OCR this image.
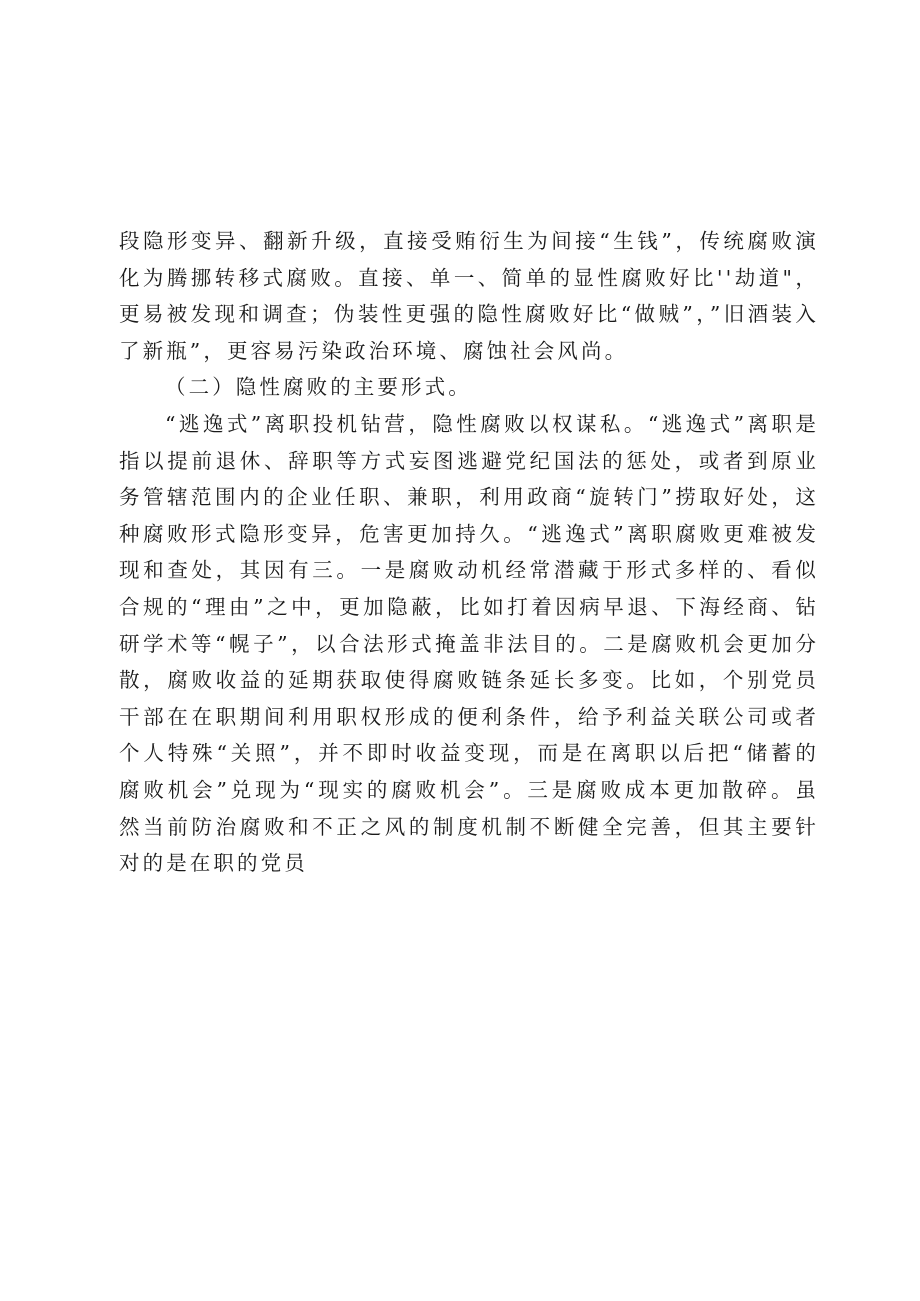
段隐形变异、翻新升级，直接受贿衍生为间接“生钱”，传统腐败演化为腾挪转移式腐败。直接、单一、简单的显性腐败好比''劫道"，更易被发现和调查；伪装性更强的隐性腐败好比“做贼”，”旧酒装入了新瓶”，更容易污染政治环境、腐蚀社会风尚。

（二）隐性腐败的主要形式。

“逃逸式”离职投机钻营，隐性腐败以权谋私。“逃逸式”离职是指以提前退休、辞职等方式妄图逃避党纪国法的惩处，或者到原业务管辖范围内的企业任职、兼职，利用政商“旋转门”捞取好处，这种腐败形式隐形变异，危害更加持久。“逃逸式”离职腐败更难被发现和查处，其因有三。一是腐败动机经常潜藏于形式多样的、看似合规的“理由”之中，更加隐蔽，比如打着因病早退、下海经商、钻研学术等“幌子”，以合法形式掩盖非法目的。二是腐败机会更加分散，腐败收益的延期获取使得腐败链条延长多变。比如，个别党员干部在在职期间利用职权形成的便利条件，给予利益关联公司或者个人特殊“关照”，并不即时收益变现，而是在离职以后把“储蓄的腐败机会”兑现为“现实的腐败机会”。三是腐败成本更加散碎。虽然当前防治腐败和不正之风的制度机制不断健全完善，但其主要针对的是在职的党员
